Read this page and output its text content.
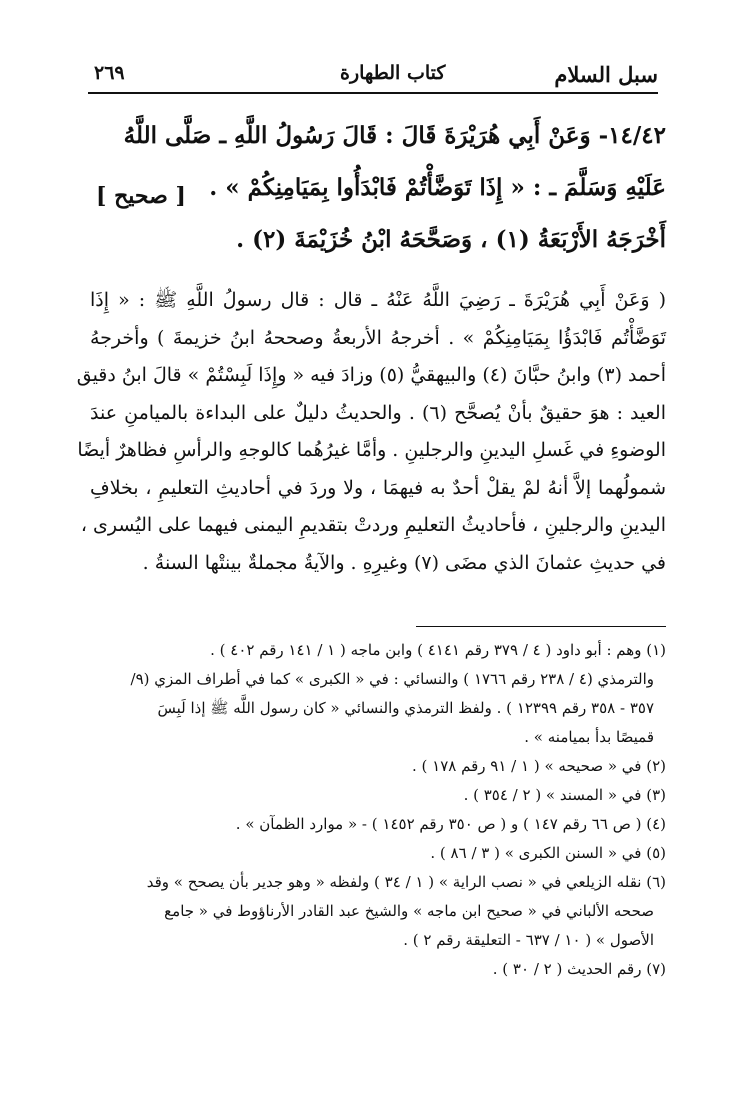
سبل السلام
كتاب الطهارة
٢٦٩
١٤/٤٢- وَعَنْ أَبِي هُرَيْرَةَ قَالَ : قَالَ رَسُولُ اللَّهِ ـ صَلَّى اللَّهُ
عَلَيْهِ وَسَلَّمَ ـ : « إِذَا تَوَضَّأْتُمْ فَابْدَأُوا بِمَيَامِنِكُمْ » .
[ صحيح ]
أَخْرَجَهُ الأَرْبَعَةُ (١) ، وَصَحَّحَهُ ابْنُ خُزَيْمَةَ (٢) .
( وَعَنْ أَبِي هُرَيْرَةَ ـ رَضِيَ اللَّهُ عَنْهُ ـ قال : قال رسولُ اللَّهِ ﷺ : « إِذَا
تَوَضَّأْتُم فَابْدَؤُا بِمَيَامِنِكُمْ » . أخرجهُ الأربعةُ وصححهُ ابنُ خزيمةَ ) وأخرجهُ
أحمد (٣) وابنُ حبَّانَ (٤) والبيهقيُّ (٥) وزادَ فيه « وإِذَا لَبِسْتُمْ » قالَ ابنُ دقيق
العيد : هوَ حقيقٌ بأنْ يُصحَّح (٦) . والحديثُ دليلٌ على البداءة بالميامنِ عندَ
الوضوءِ في غَسلِ اليدينِ والرجلينِ . وأمَّا غيرُهُما كالوجهِ والرأسِ فظاهرٌ أيضًا
شمولُهما إلاَّ أنهُ لمْ يقلْ أحدٌ به فيهمَا ، ولا وردَ في أحاديثِ التعليمِ ، بخلافِ
اليدينِ والرجلينِ ، فأحاديثُ التعليمِ وردتْ بتقديمِ اليمنى فيهما على اليُسرى ،
في حديثِ عثمانَ الذي مضَى (٧) وغيرِهِ . والآيةُ مجملةٌ بينتْها السنةُ .
(١) وهم : أبو داود ( ٤ / ٣٧٩ رقم ٤١٤١ ) وابن ماجه ( ١ / ١٤١ رقم ٤٠٢ ) .
والترمذي (٤ / ٢٣٨ رقم ١٧٦٦ ) والنسائي : في « الكبرى » كما في أطراف المزي (٩/
٣٥٧ - ٣٥٨ رقم ١٢٣٩٩ ) . ولفظ الترمذي والنسائي « كان رسول اللَّه ﷺ إذا لَبِسَ
قميصًا بدأ بميامنه » .
(٢) في « صحيحه » ( ١ / ٩١ رقم ١٧٨ ) .
(٣) في « المسند » ( ٢ / ٣٥٤ ) .
(٤) ( ص ٦٦ رقم ١٤٧ ) و ( ص ٣٥٠ رقم ١٤٥٢ ) - « موارد الظمآن » .
(٥) في « السنن الكبرى » ( ٣ / ٨٦ ) .
(٦) نقله الزيلعي في « نصب الراية » ( ١ / ٣٤ ) ولفظه « وهو جدير بأن يصحح » وقد
صححه الألباني في « صحيح ابن ماجه » والشيخ عبد القادر الأرناؤوط في « جامع
الأصول » ( ١٠ / ٦٣٧ - التعليقة رقم ٢ ) .
(٧) رقم الحديث ( ٢ / ٣٠ ) .
